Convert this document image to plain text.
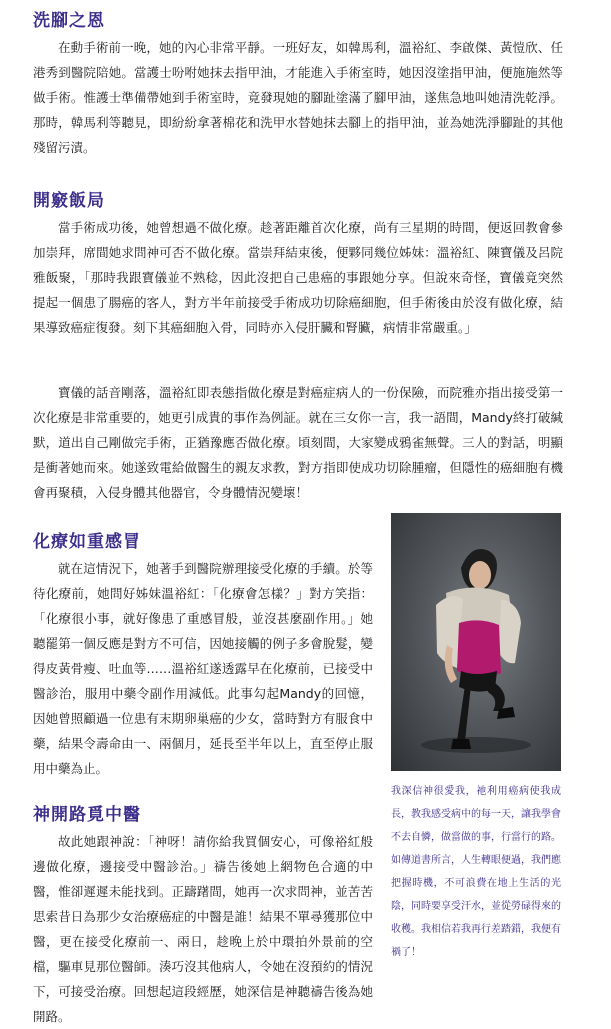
洗腳之恩

在動手術前一晚，她的內心非常平靜。一班好友，如韓馬利，溫裕紅、李啟傑、黃愷欣、任港秀到醫院陪她。當護士吩咐她抹去指甲油，才能進入手術室時，她因沒塗指甲油，便施施然等做手術。惟護士準備帶她到手術室時，竟發現她的腳趾塗滿了腳甲油，遂焦急地叫她清洗乾淨。那時，韓馬利等聽見，即紛紛拿著棉花和洗甲水替她抹去腳上的指甲油，並為她洗淨腳趾的其他殘留污漬。

開竅飯局

當手術成功後，她曾想過不做化療。趁著距離首次化療，尚有三星期的時間，便返回教會參加崇拜，席間她求問神可否不做化療。當崇拜結束後，便夥同幾位姊妹：溫裕紅、陳寶儀及呂院雅飯聚，「那時我跟寶儀並不熟稔，因此沒把自己患癌的事跟她分享。但說來奇怪，寶儀竟突然提起一個患了腸癌的客人，對方半年前接受手術成功切除癌細胞，但手術後由於沒有做化療，結果導致癌症復發。刻下其癌細胞入骨，同時亦入侵肝臟和腎臟，病情非常嚴重。」

寶儀的話音剛落，溫裕紅即表態指做化療是對癌症病人的一份保險，而院雅亦指出接受第一次化療是非常重要的，她更引成貴的事作為例証。就在三女你一言，我一語間，Mandy終打破緘默，道出自己剛做完手術，正猶豫應否做化療。頃刻間，大家變成鴉雀無聲。三人的對話，明顯是衝著她而來。她遂致電給做醫生的親友求教，對方指即使成功切除腫瘤，但隱性的癌細胞有機會再聚積，入侵身體其他器官，令身體情況變壞！

化療如重感冒

就在這情況下，她著手到醫院辦理接受化療的手續。於等待化療前，她問好姊妹溫裕紅：「化療會怎樣？」對方笑指：「化療很小事，就好像患了重感冒般，並沒甚麼副作用。」她聽罷第一個反應是對方不可信，因她接觸的例子多會脫髮，變得皮黃骨瘦、吐血等……溫裕紅遂透露早在化療前，已接受中醫診治，服用中藥令副作用減低。此事勾起Mandy的回憶，因她曾照顧過一位患有末期卵巢癌的少女，當時對方有服食中藥，結果令壽命由一、兩個月，延長至半年以上，直至停止服用中藥為止。

神開路覓中醫

故此她跟神說：「神呀！請你給我買個安心，可像裕紅般邊做化療，邊接受中醫診治。」禱告後她上網物色合適的中醫，惟卻遲遲未能找到。正躊躇間，她再一次求問神，並苦苦思索昔日為那少女治療癌症的中醫是誰！結果不單尋獲那位中醫，更在接受化療前一、兩日，趁晚上於中環拍外景前的空檔，驅車見那位醫師。湊巧沒其他病人，令她在沒預約的情況下，可接受治療。回想起這段經歷，她深信是神聽禱告後為她開路。

我深信神很愛我，祂利用癌病使我成長，教我感受病中的每一天，讓我學會不去自憐，做當做的事，行當行的路。如傳道書所言，人生轉眼便過，我們應把握時機，不可浪費在地上生活的光陰，同時要享受汗水，並從勞碌得來的收穫。我相信若我再行差踏錯，我便有禍了！
